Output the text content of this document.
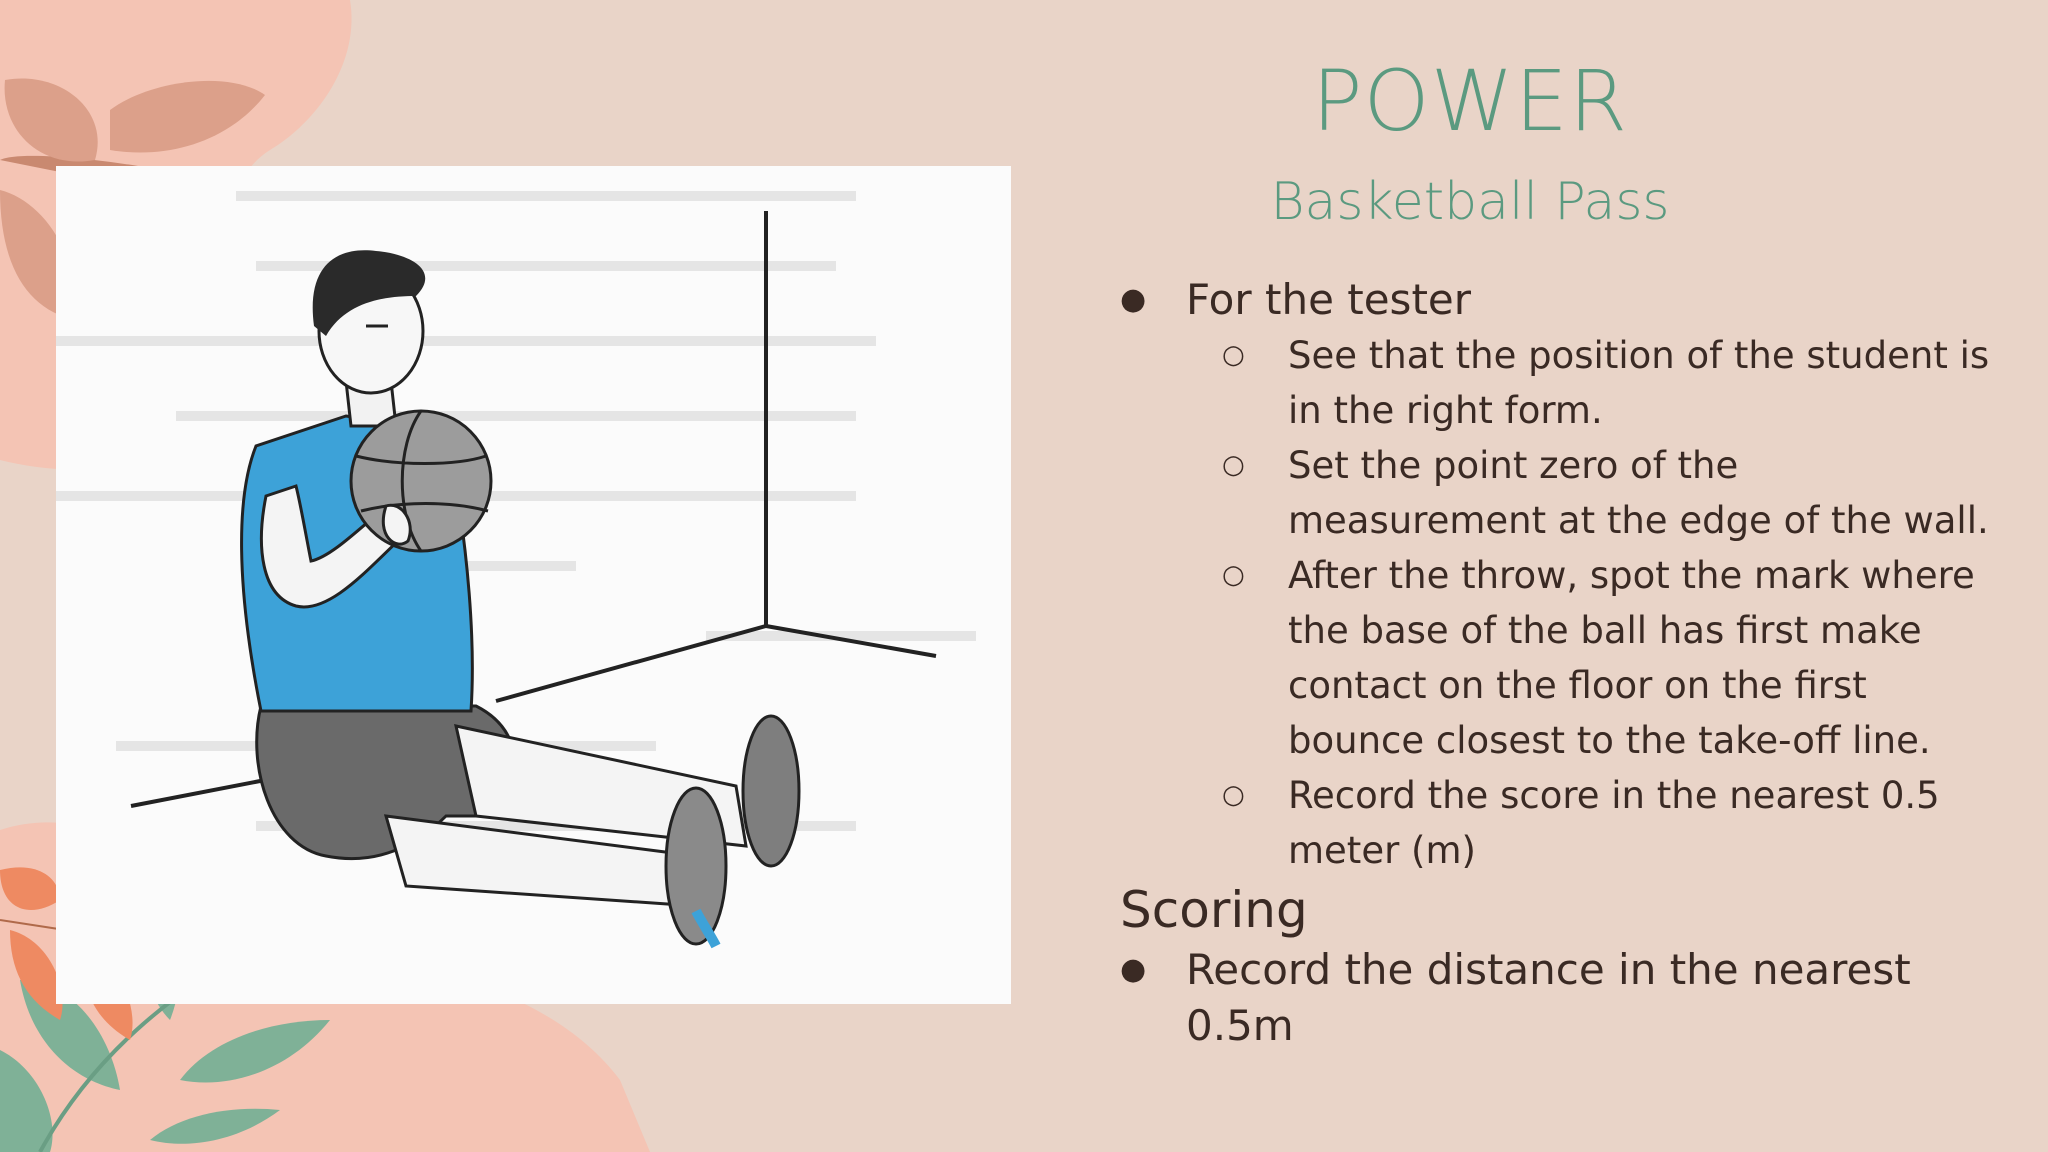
POWER
Basketball Pass
● For the tester
○ See that the position of the student is in the right form.
○ Set the point zero of the measurement at the edge of the wall.
○ After the throw, spot the mark where the base of the ball has first make contact on the floor on the first bounce closest to the take-off line.
○ Record the score in the nearest 0.5 meter (m)
Scoring
● Record the distance in the nearest 0.5m
